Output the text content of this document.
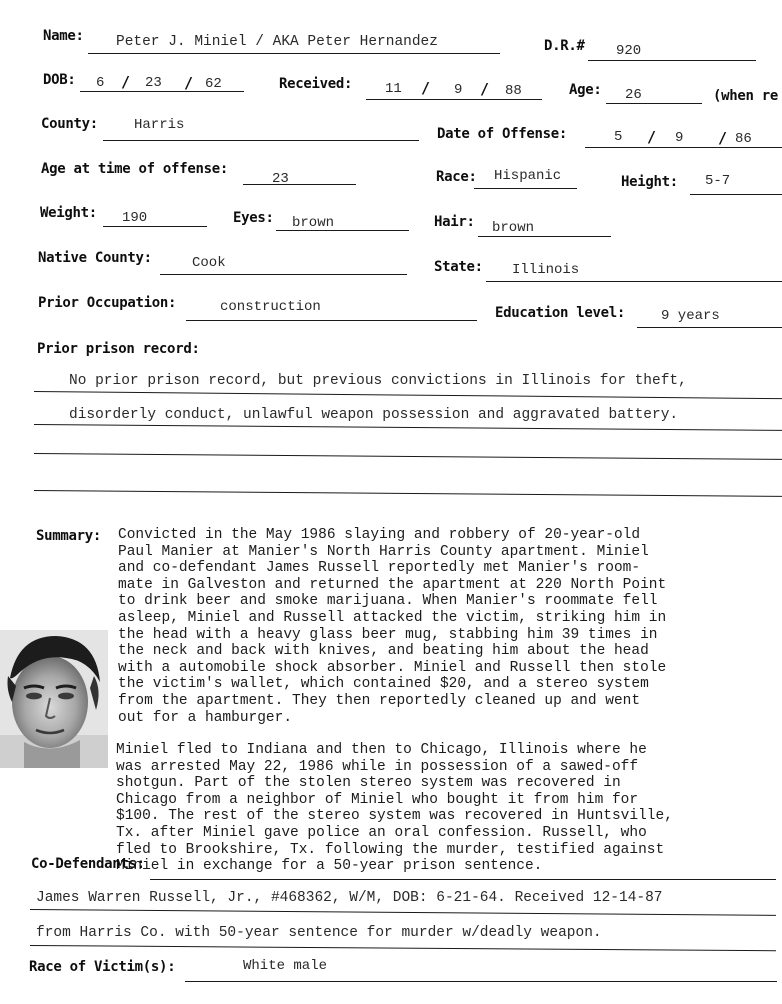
Name: Peter J. Miniel / AKA Peter Hernandez	D.R.# 920
DOB: 6 / 23 / 62	Received: 11 / 9 / 88	Age: 26	(when re
County:	Harris
Date of Offense:	5 / 9 / 86
Age at time of offense:
23	Race: Hispanic	Height: 5-7
Weight: 190	Eyes: brown	Hair: brown
Native County:	Cook	State: Illinois
Prior Occupation:	construction	Education level:	9 years
Prior prison record:
No prior prison record, but previous convictions in Illinois for theft,
disorderly conduct, unlawful weapon possession and aggravated battery.
Summary: Convicted in the May 1986 slaying and robbery of 20-year-old
Paul Manier at Manier's North Harris County apartment. Miniel
and co-defendant James Russell reportedly met Manier's room-
mate in Galveston and returned the apartment at 220 North Point
to drink beer and smoke marijuana. When Manier's roommate fell
asleep, Miniel and Russell attacked the victim, striking him in
the head with a heavy glass beer mug, stabbing him 39 times in
the neck and back with knives, and beating him about the head
with a automobile shock absorber. Miniel and Russell then stole
the victim's wallet, which contained $20, and a stereo system
from the apartment. They then reportedly cleaned up and went
out for a hamburger.
Miniel fled to Indiana and then to Chicago, Illinois where he
was arrested May 22, 1986 while in possession of a sawed-off
shotgun. Part of the stolen stereo system was recovered in
Chicago from a neighbor of Miniel who bought it from him for
$100. The rest of the stereo system was recovered in Huntsville,
Tx. after Miniel gave police an oral confession. Russell, who
fled to Brookshire, Tx. following the murder, testified against
Miniel in exchange for a 50-year prison sentence.
Co-Defendants:
James Warren Russell, Jr., #468362, W/M, DOB: 6-21-64. Received 12-14-87
from Harris Co. with 50-year sentence for murder w/deadly weapon.
Race of Victim(s):	White male
